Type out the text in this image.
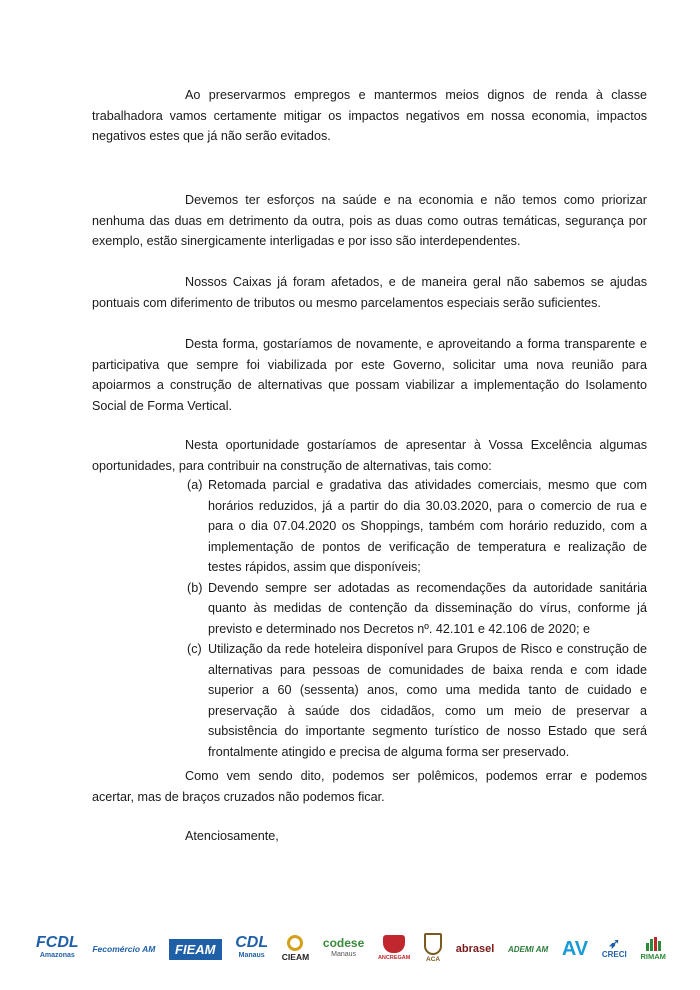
Ao preservarmos empregos e mantermos meios dignos de renda à classe trabalhadora vamos certamente mitigar os impactos negativos em nossa economia, impactos negativos estes que já não serão evitados.

Devemos ter esforços na saúde e na economia e não temos como priorizar nenhuma das duas em detrimento da outra, pois as duas como outras temáticas, segurança por exemplo, estão sinergicamente interligadas e por isso são interdependentes.

Nossos Caixas já foram afetados, e de maneira geral não sabemos se ajudas pontuais com diferimento de tributos ou mesmo parcelamentos especiais serão suficientes.

Desta forma, gostaríamos de novamente, e aproveitando a forma transparente e participativa que sempre foi viabilizada por este Governo, solicitar uma nova reunião para apoiarmos a construção de alternativas que possam viabilizar a implementação do Isolamento Social de Forma Vertical.

Nesta oportunidade gostaríamos de apresentar à Vossa Excelência algumas oportunidades, para contribuir na construção de alternativas, tais como:

(a) Retomada parcial e gradativa das atividades comerciais, mesmo que com horários reduzidos, já a partir do dia 30.03.2020, para o comercio de rua e para o dia 07.04.2020 os Shoppings, também com horário reduzido, com a implementação de pontos de verificação de temperatura e realização de testes rápidos, assim que disponíveis;
(b) Devendo sempre ser adotadas as recomendações da autoridade sanitária quanto às medidas de contenção da disseminação do vírus, conforme já previsto e determinado nos Decretos nº. 42.101 e 42.106 de 2020; e
(c) Utilização da rede hoteleira disponível para Grupos de Risco e construção de alternativas para pessoas de comunidades de baixa renda e com idade superior a 60 (sessenta) anos, como uma medida tanto de cuidado e preservação à saúde dos cidadãos, como um meio de preservar a subsistência do importante segmento turístico de nosso Estado que será frontalmente atingido e precisa de alguma forma ser preservado.

Como vem sendo dito, podemos ser polêmicos, podemos errar e podemos acertar, mas de braços cruzados não podemos ficar.

Atenciosamente,
FCDL
Amazonas
Fecomércio AM	FIEAM	CDL
Manaus CIEAM
codese
Manaus	ANCREGAM ACA
abrasel ADEMI AM AV ➶
CRECI RIMAM
